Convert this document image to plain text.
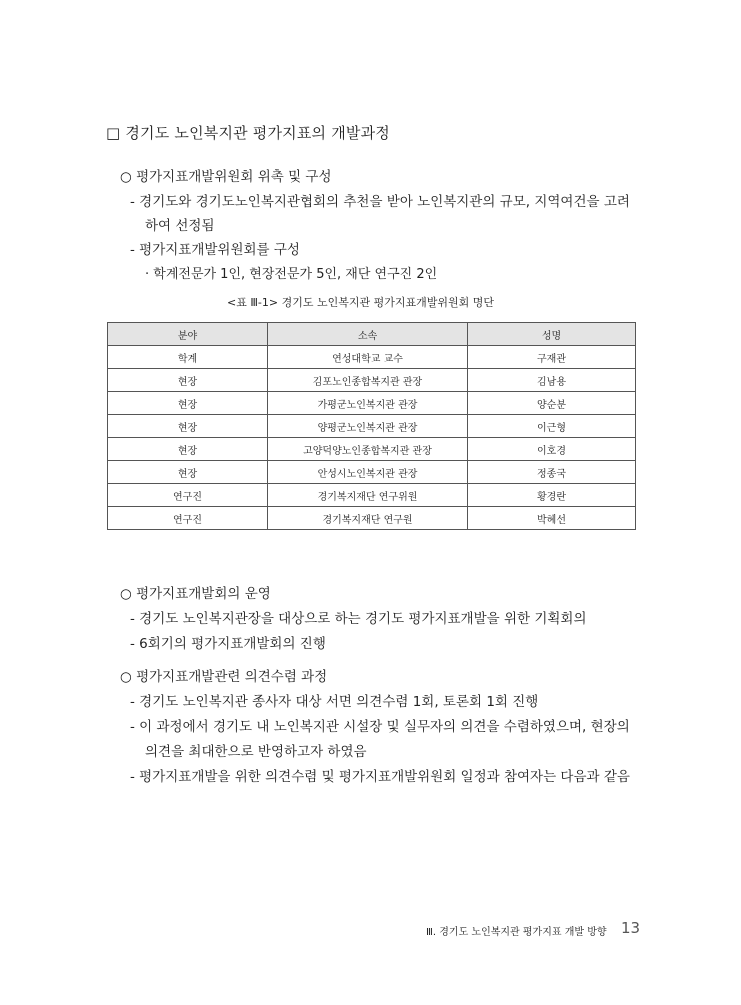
□ 경기도 노인복지관 평가지표의 개발과정
○ 평가지표개발위원회 위촉 및 구성
- 경기도와 경기도노인복지관협회의 추천을 받아 노인복지관의 규모, 지역여건을 고려
하여 선정됨
- 평가지표개발위원회를 구성
· 학계전문가 1인, 현장전문가 5인, 재단 연구진 2인
<표 Ⅲ-1> 경기도 노인복지관 평가지표개발위원회 명단
분야	소속	성명
학계	연성대학교 교수	구재관
현장	김포노인종합복지관 관장	김남용
현장	가평군노인복지관 관장	양순분
현장	양평군노인복지관 관장	이근형
현장	고양덕양노인종합복지관 관장	이호경
현장	안성시노인복지관 관장	정종국
연구진	경기복지재단 연구위원	황경란
연구진	경기복지재단 연구원	박혜선
○ 평가지표개발회의 운영
- 경기도 노인복지관장을 대상으로 하는 경기도 평가지표개발을 위한 기획회의
- 6회기의 평가지표개발회의 진행
○ 평가지표개발관련 의견수렴 과정
- 경기도 노인복지관 종사자 대상 서면 의견수렴 1회, 토론회 1회 진행
- 이 과정에서 경기도 내 노인복지관 시설장 및 실무자의 의견을 수렴하였으며, 현장의
의견을 최대한으로 반영하고자 하였음
- 평가지표개발을 위한 의견수렴 및 평가지표개발위원회 일정과 참여자는 다음과 같음
Ⅲ. 경기도 노인복지관 평가지표 개발 방향 13
